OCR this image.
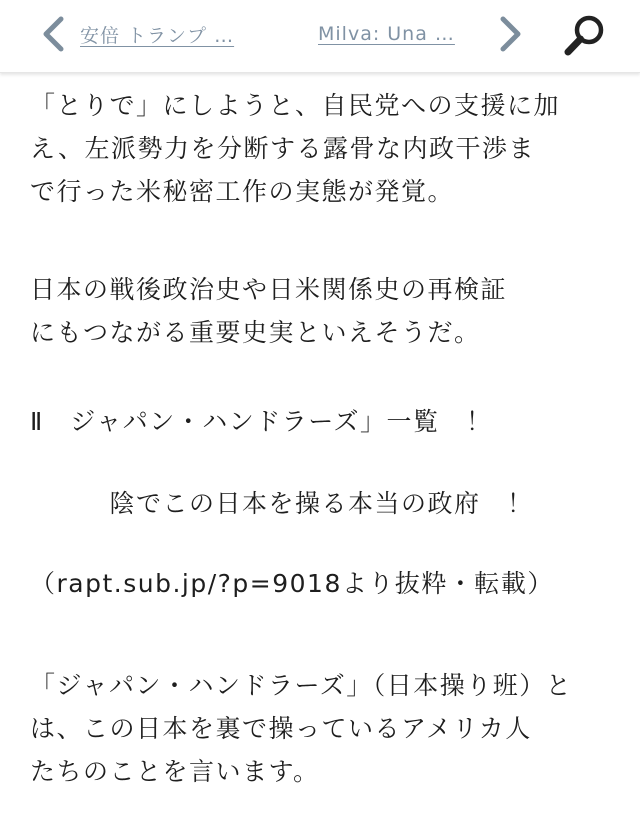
安倍 トランプ …	Milva: Una …

「とりで」にしようと、自民党への支援に加
え、左派勢力を分断する露骨な内政干渉ま
で行った米秘密工作の実態が発覚。

日本の戦後政治史や日米関係史の再検証
にもつながる重要史実といえそうだ。

Ⅱ　ジャパン・ハンドラーズ」一覧　！

　　　陰でこの日本を操る本当の政府　！

（rapt.sub.jp/?p=9018より抜粋・転載）

「ジャパン・ハンドラーズ」（日本操り班）と
は、この日本を裏で操っているアメリカ人
たちのことを言います。
